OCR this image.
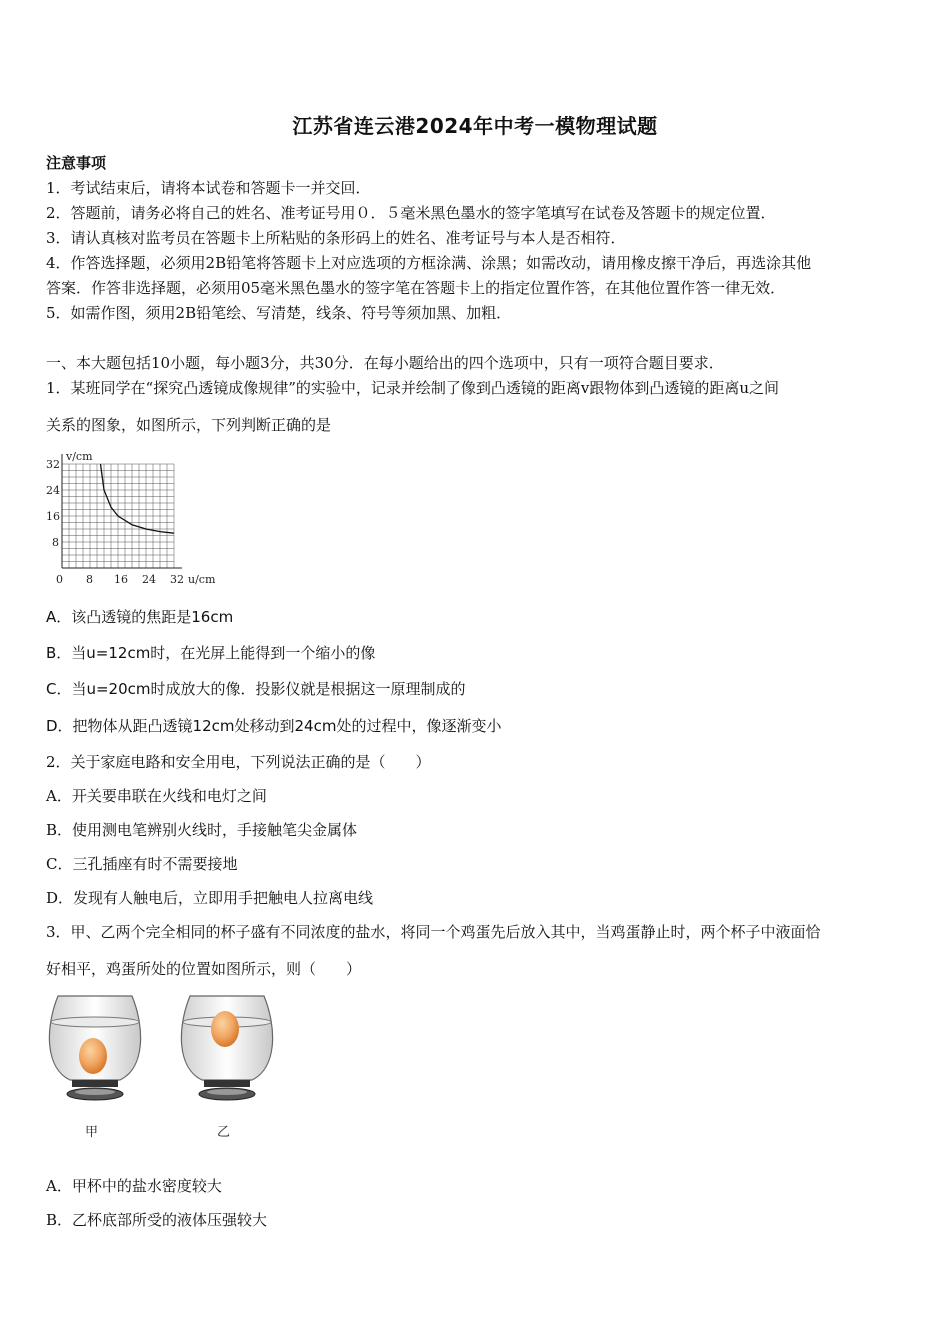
江苏省连云港2024年中考一模物理试题
注意事项
1．考试结束后，请将本试卷和答题卡一并交回．
2．答题前，请务必将自己的姓名、准考证号用０．５毫米黑色墨水的签字笔填写在试卷及答题卡的规定位置．
3．请认真核对监考员在答题卡上所粘贴的条形码上的姓名、准考证号与本人是否相符．
4．作答选择题，必须用2B铅笔将答题卡上对应选项的方框涂满、涂黑；如需改动，请用橡皮擦干净后，再选涂其他
答案．作答非选择题，必须用05毫米黑色墨水的签字笔在答题卡上的指定位置作答，在其他位置作答一律无效．
5．如需作图，须用2B铅笔绘、写清楚，线条、符号等须加黑、加粗．
一、本大题包括10小题，每小题3分，共30分．在每小题给出的四个选项中，只有一项符合题目要求．
1．某班同学在“探究凸透镜成像规律”的实验中，记录并绘制了像到凸透镜的距离v跟物体到凸透镜的距离u之间
关系的图象，如图所示，下列判断正确的是
0 8 16 24 32
8
16
24
32
u/cm
v/cm
A．该凸透镜的焦距是16cm
B．当u=12cm时，在光屏上能得到一个缩小的像
C．当u=20cm时成放大的像．投影仪就是根据这一原理制成的
D．把物体从距凸透镜12cm处移动到24cm处的过程中，像逐渐变小
2．关于家庭电路和安全用电，下列说法正确的是（　　）
A．开关要串联在火线和电灯之间
B．使用测电笔辨别火线时，手接触笔尖金属体
C．三孔插座有时不需要接地
D．发现有人触电后，立即用手把触电人拉离电线
3．甲、乙两个完全相同的杯子盛有不同浓度的盐水，将同一个鸡蛋先后放入其中，当鸡蛋静止时，两个杯子中液面恰
好相平，鸡蛋所处的位置如图所示，则（　　）
甲	乙
A．甲杯中的盐水密度较大
B．乙杯底部所受的液体压强较大
